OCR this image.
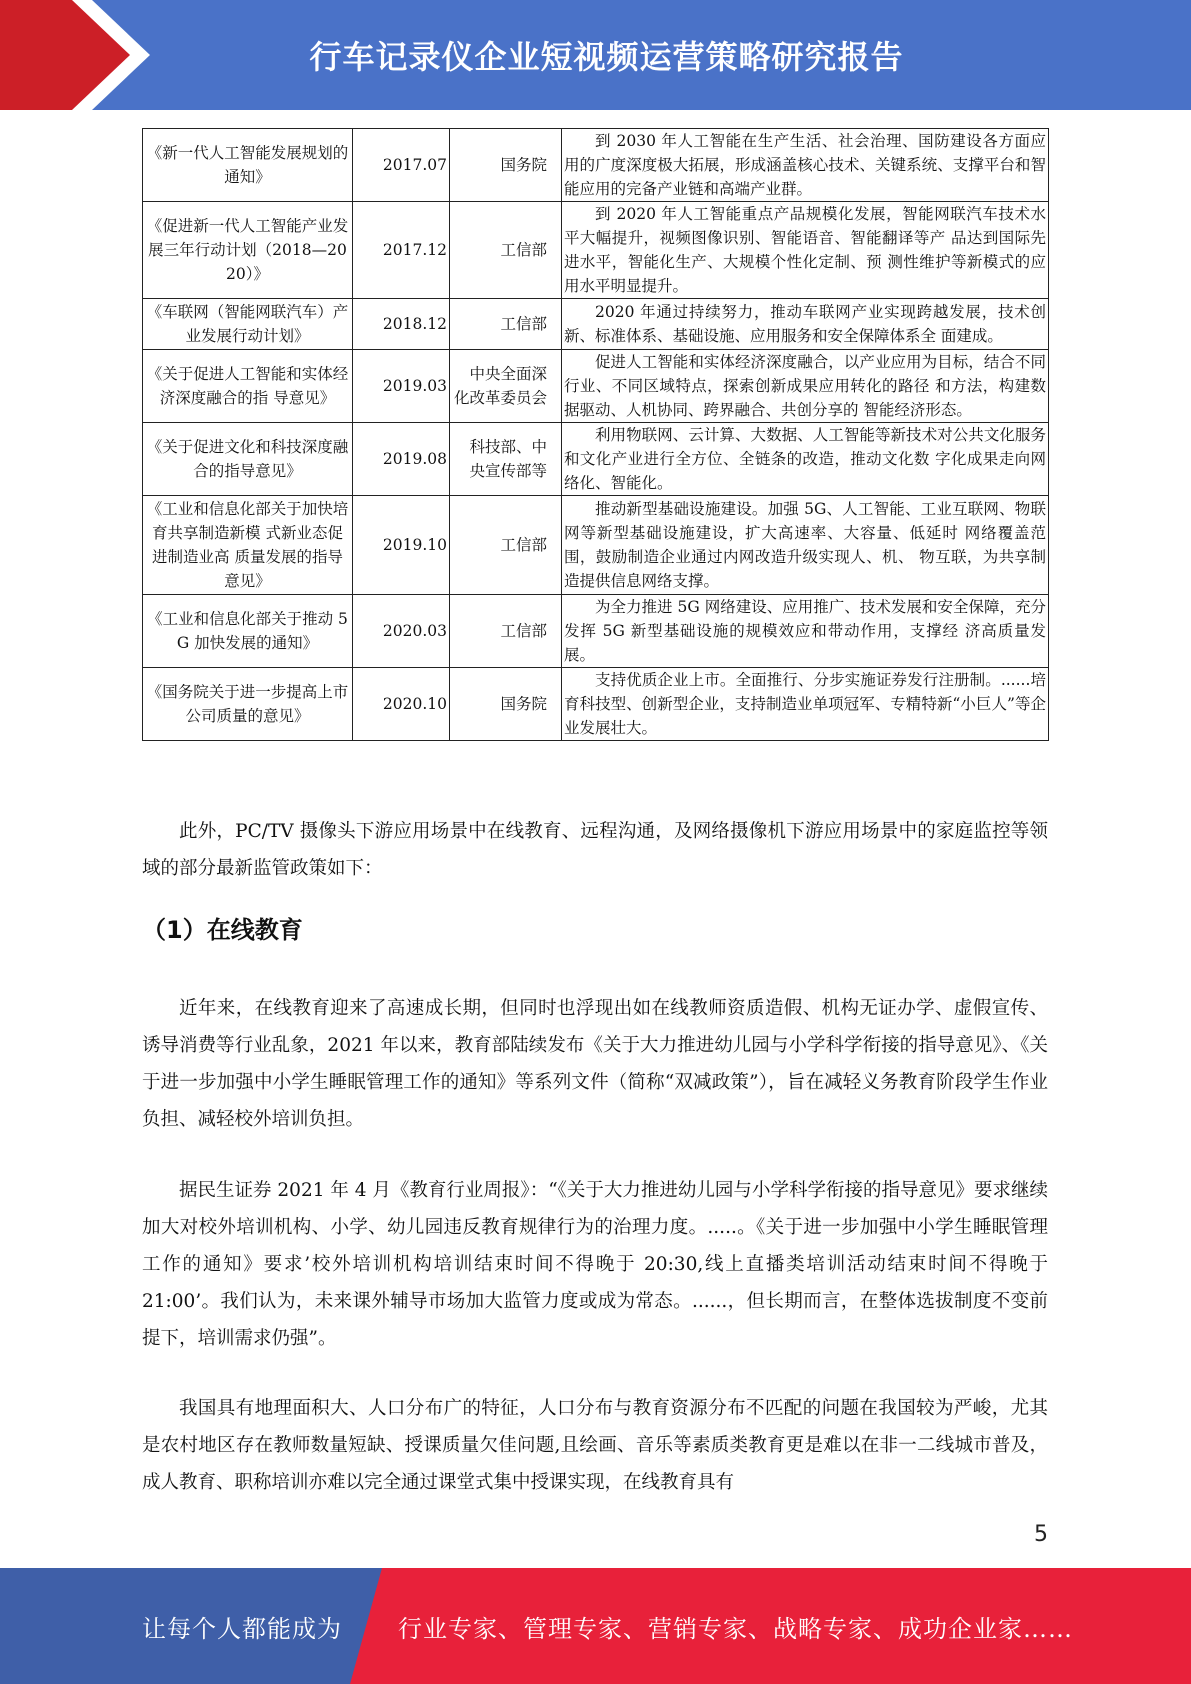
行车记录仪企业短视频运营策略研究报告
《新一代人工智能发展规划的通知》	2017.07	国务院	到 2030 年人工智能在生产生活、社会治理、国防建设各方面应用的广度深度极大拓展，形成涵盖核心技术、关键系统、支撑平台和智能应用的完备产业链和高端产业群。
《促进新一代人工智能产业发展三年行动计划（2018—2020）》	2017.12	工信部	到 2020 年人工智能重点产品规模化发展，智能网联汽车技术水平大幅提升，视频图像识别、智能语音、智能翻译等产 品达到国际先进水平，智能化生产、大规模个性化定制、预 测性维护等新模式的应用水平明显提升。
《车联网（智能网联汽车）产业发展行动计划》	2018.12	工信部	2020 年通过持续努力，推动车联网产业实现跨越发展，技术创新、标准体系、基础设施、应用服务和安全保障体系全 面建成。
《关于促进人工智能和实体经济深度融合的指 导意见》	2019.03	中央全面深 化改革委员会	促进人工智能和实体经济深度融合，以产业应用为目标，结合不同行业、不同区域特点，探索创新成果应用转化的路径 和方法，构建数据驱动、人机协同、跨界融合、共创分享的 智能经济形态。
《关于促进文化和科技深度融合的指导意见》	2019.08	科技部、中 央宣传部等	利用物联网、云计算、大数据、人工智能等新技术对公共文化服务和文化产业进行全方位、全链条的改造，推动文化数 字化成果走向网络化、智能化。
《工业和信息化部关于加快培育共享制造新模 式新业态促进制造业高 质量发展的指导意见》	2019.10	工信部	推动新型基础设施建设。加强 5G、人工智能、工业互联网、物联网等新型基础设施建设，扩大高速率、大容量、低延时 网络覆盖范围，鼓励制造企业通过内网改造升级实现人、机、 物互联，为共享制造提供信息网络支撑。
《工业和信息化部关于推动 5G 加快发展的通知》	2020.03	工信部	为全力推进 5G 网络建设、应用推广、技术发展和安全保障，充分发挥 5G 新型基础设施的规模效应和带动作用，支撑经 济高质量发展。
《国务院关于进一步提高上市公司质量的意见》	2020.10	国务院	支持优质企业上市。全面推行、分步实施证券发行注册制。......培育科技型、创新型企业，支持制造业单项冠军、专精特新“小巨人”等企业发展壮大。

此外，PC/TV 摄像头下游应用场景中在线教育、远程沟通，及网络摄像机下游应用场景中的家庭监控等领域的部分最新监管政策如下：

（1）在线教育

近年来，在线教育迎来了高速成长期，但同时也浮现出如在线教师资质造假、机构无证办学、虚假宣传、诱导消费等行业乱象，2021 年以来，教育部陆续发布《关于大力推进幼儿园与小学科学衔接的指导意见》、《关于进一步加强中小学生睡眠管理工作的通知》等系列文件（简称“双减政策”），旨在减轻义务教育阶段学生作业负担、减轻校外培训负担。

据民生证券 2021 年 4 月《教育行业周报》：“《关于大力推进幼儿园与小学科学衔接的指导意见》要求继续加大对校外培训机构、小学、幼儿园违反教育规律行为的治理力度。.....。《关于进一步加强中小学生睡眠管理工作的通知》要求’校外培训机构培训结束时间不得晚于 20:30,线上直播类培训活动结束时间不得晚于 21:00’。我们认为，未来课外辅导市场加大监管力度或成为常态。......，但长期而言，在整体选拔制度不变前提下，培训需求仍强”。

我国具有地理面积大、人口分布广的特征，人口分布与教育资源分布不匹配的问题在我国较为严峻，尤其是农村地区存在教师数量短缺、授课质量欠佳问题,且绘画、音乐等素质类教育更是难以在非一二线城市普及，成人教育、职称培训亦难以完全通过课堂式集中授课实现，在线教育具有

5
让每个人都能成为 行业专家、管理专家、营销专家、战略专家、成功企业家……
